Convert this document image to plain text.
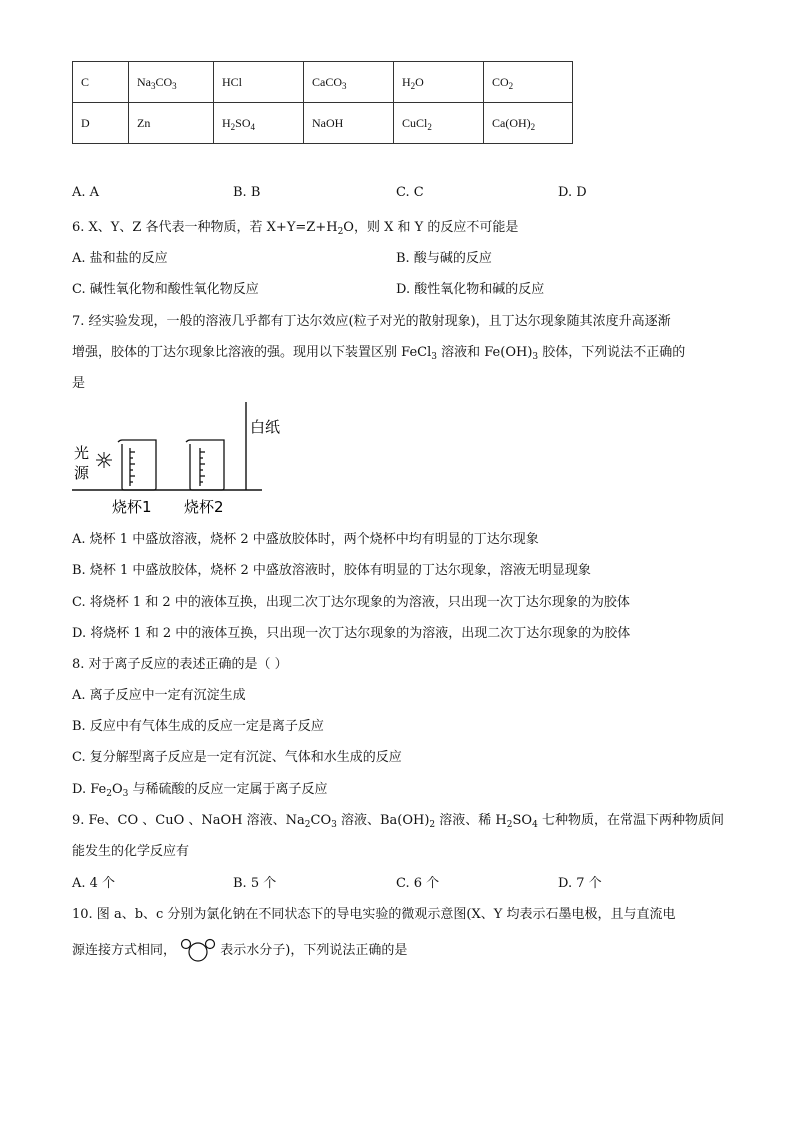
C	$Na_3CO_3$	HCl	CaCO$_3$	$H_2O$	$CO_2$
D	Zn	$H_2SO_4$	NaOH	CuCl$_2$	$Ca(OH)_2$
A. A	B. B	C. C	D. D
6. X、Y、Z 各代表一种物质，若 $X+Y=Z+H_2O$，则 X 和 Y 的反应不可能是
A. 盐和盐的反应	B. 酸与碱的反应
C. 碱性氧化物和酸性氧化物反应	D. 酸性氧化物和碱的反应
7. 经实验发现，一般的溶液几乎都有丁达尔效应(粒子对光的散射现象)，且丁达尔现象随其浓度升高逐渐
增强，胶体的丁达尔现象比溶液的强。现用以下装置区别 FeCl$_3$ 溶液和 $Fe(OH)_3$ 胶体，下列说法不正确的
是
光
源
烧杯1 烧杯2
白纸
A. 烧杯 1 中盛放溶液，烧杯 2 中盛放胶体时，两个烧杯中均有明显的丁达尔现象
B. 烧杯 1 中盛放胶体，烧杯 2 中盛放溶液时，胶体有明显的丁达尔现象，溶液无明显现象
C. 将烧杯 1 和 2 中的液体互换，出现二次丁达尔现象的为溶液，只出现一次丁达尔现象的为胶体
D. 将烧杯 1 和 2 中的液体互换，只出现一次丁达尔现象的为溶液，出现二次丁达尔现象的为胶体
8. 对于离子反应的表述正确的是（ ）
A. 离子反应中一定有沉淀生成
B. 反应中有气体生成的反应一定是离子反应
C. 复分解型离子反应是一定有沉淀、气体和水生成的反应
D. $Fe_2O_3$ 与稀硫酸的反应一定属于离子反应
9. Fe、CO 、CuO 、NaOH 溶液、$Na_2CO_3$ 溶液、$Ba(OH)_2$ 溶液、稀 $H_2SO_4$ 七种物质，在常温下两种物质间
能发生的化学反应有
A. 4 个	B. 5 个	C. 6 个	D. 7 个
10. 图 a、b、c 分别为氯化钠在不同状态下的导电实验的微观示意图(X、Y 均表示石墨电极，且与直流电
源连接方式相同，	表示水分子)，下列说法正确的是
